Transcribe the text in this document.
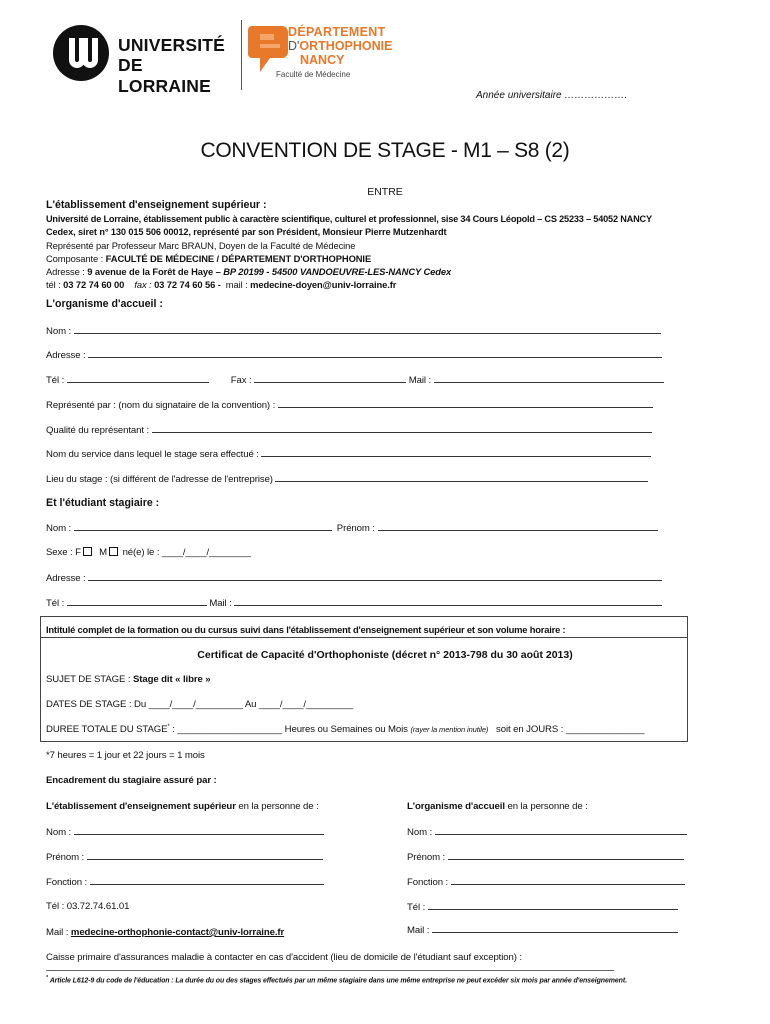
UNIVERSITÉ
DE LORRAINE
DÉPARTEMENT
D'ORTHOPHONIE
NANCY
Faculté de Médecine
Année universitaire ……………….
CONVENTION DE STAGE - M1 – S8 (2)
ENTRE
L'établissement d'enseignement supérieur :
Université de Lorraine, établissement public à caractère scientifique, culturel et professionnel, sise 34 Cours Léopold – CS 25233 – 54052 NANCY
Cedex, siret n° 130 015 506 00012, représenté par son Président, Monsieur Pierre Mutzenhardt
Représenté par Professeur Marc BRAUN, Doyen de la Faculté de Médecine
Composante : FACULTÉ DE MÉDECINE / DÉPARTEMENT D'ORTHOPHONIE
Adresse : 9 avenue de la Forêt de Haye – BP 20199 - 54500 VANDOEUVRE-LES-NANCY Cedex
tél : 03 72 74 60 00 fax : 03 72 74 60 56 -  mail : medecine-doyen@univ-lorraine.fr
L'organisme d'accueil :
Nom :
Adresse :
Tél :	Fax :	Mail :
Représenté par : (nom du signataire de la convention) :
Qualité du représentant :
Nom du service dans lequel le stage sera effectué :
Lieu du stage : (si différent de l'adresse de l'entreprise)
Et l'étudiant stagiaire :
Nom :	Prénom :
Sexe : F M né(e) le : ____/____/________
Adresse :
Tél :	Mail :
Intitulé complet de la formation ou du cursus suivi dans l'établissement d'enseignement supérieur et son volume horaire :
Certificat de Capacité d'Orthophoniste (décret n° 2013-798 du 30 août 2013)
SUJET DE STAGE : Stage dit « libre »
DATES DE STAGE : Du ____/____/_________ Au ____/____/_________
DUREE TOTALE DU STAGE* : ____________________ Heures ou Semaines ou Mois (rayer la mention inutile)   soit en JOURS : _______________
*7 heures = 1 jour et 22 jours = 1 mois
Encadrement du stagiaire assuré par :
L'établissement d'enseignement supérieur en la personne de :	L'organisme d'accueil en la personne de :
Nom :	Nom :
Prénom :	Prénom :
Fonction :	Fonction :
Tél : 03.72.74.61.01	Tél :
Mail : medecine-orthophonie-contact@univ-lorraine.fr	Mail :
Caisse primaire d'assurances maladie à contacter en cas d'accident (lieu de domicile de l'étudiant sauf exception) :
* Article L612-9 du code de l'éducation : La durée du ou des stages effectués par un même stagiaire dans une même entreprise ne peut excéder six mois par année d'enseignement.
